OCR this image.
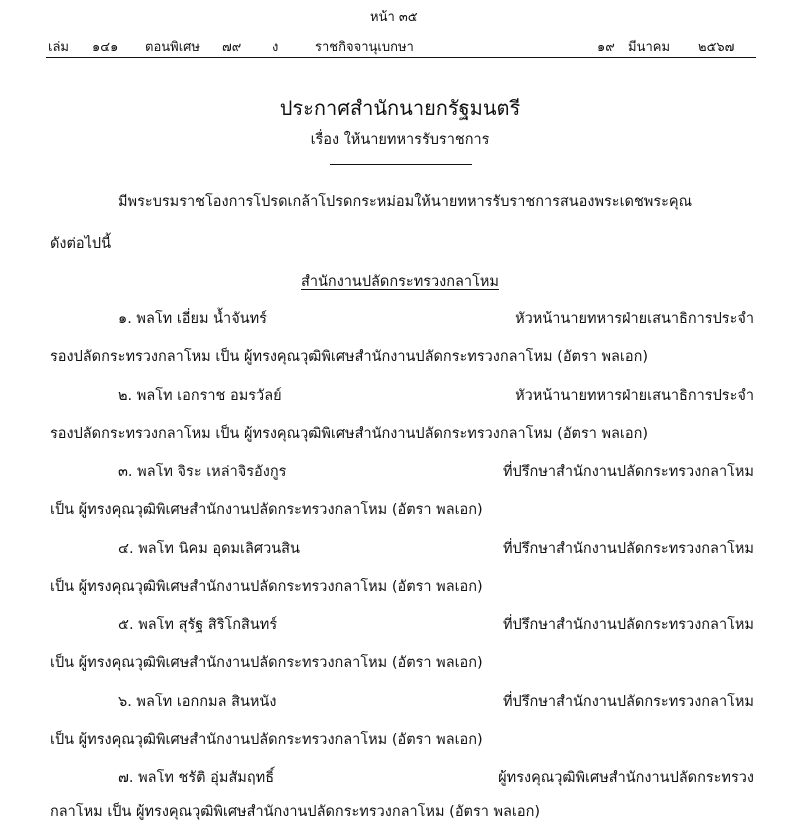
หน้า ๓๕
เล่ม ๑๔๑ ตอนพิเศษ ๗๙ ง	ราชกิจจานุเบกษา	๑๙ มีนาคม ๒๕๖๗
ประกาศสำนักนายกรัฐมนตรี
เรื่อง ให้นายทหารรับราชการ
มีพระบรมราชโองการโปรดเกล้าโปรดกระหม่อมให้นายทหารรับราชการสนองพระเดชพระคุณ
ดังต่อไปนี้
สำนักงานปลัดกระทรวงกลาโหม
๑. พลโท เอี่ยม น้ำจันทร์	หัวหน้านายทหารฝ่ายเสนาธิการประจำ
รองปลัดกระทรวงกลาโหม เป็น ผู้ทรงคุณวุฒิพิเศษสำนักงานปลัดกระทรวงกลาโหม (อัตรา พลเอก)
๒. พลโท เอกราช อมรวัลย์	หัวหน้านายทหารฝ่ายเสนาธิการประจำ
รองปลัดกระทรวงกลาโหม เป็น ผู้ทรงคุณวุฒิพิเศษสำนักงานปลัดกระทรวงกลาโหม (อัตรา พลเอก)
๓. พลโท จิระ เหล่าจิรอังกูร	ที่ปรึกษาสำนักงานปลัดกระทรวงกลาโหม
เป็น ผู้ทรงคุณวุฒิพิเศษสำนักงานปลัดกระทรวงกลาโหม (อัตรา พลเอก)
๔. พลโท นิคม อุดมเลิศวนสิน	ที่ปรึกษาสำนักงานปลัดกระทรวงกลาโหม
เป็น ผู้ทรงคุณวุฒิพิเศษสำนักงานปลัดกระทรวงกลาโหม (อัตรา พลเอก)
๕. พลโท สุรัฐ สิริโกสินทร์	ที่ปรึกษาสำนักงานปลัดกระทรวงกลาโหม
เป็น ผู้ทรงคุณวุฒิพิเศษสำนักงานปลัดกระทรวงกลาโหม (อัตรา พลเอก)
๖. พลโท เอกกมล สินหนัง	ที่ปรึกษาสำนักงานปลัดกระทรวงกลาโหม
เป็น ผู้ทรงคุณวุฒิพิเศษสำนักงานปลัดกระทรวงกลาโหม (อัตรา พลเอก)
๗. พลโท ชรัติ อุ่มสัมฤทธิ์	ผู้ทรงคุณวุฒิพิเศษสำนักงานปลัดกระทรวง
กลาโหม เป็น ผู้ทรงคุณวุฒิพิเศษสำนักงานปลัดกระทรวงกลาโหม (อัตรา พลเอก)
